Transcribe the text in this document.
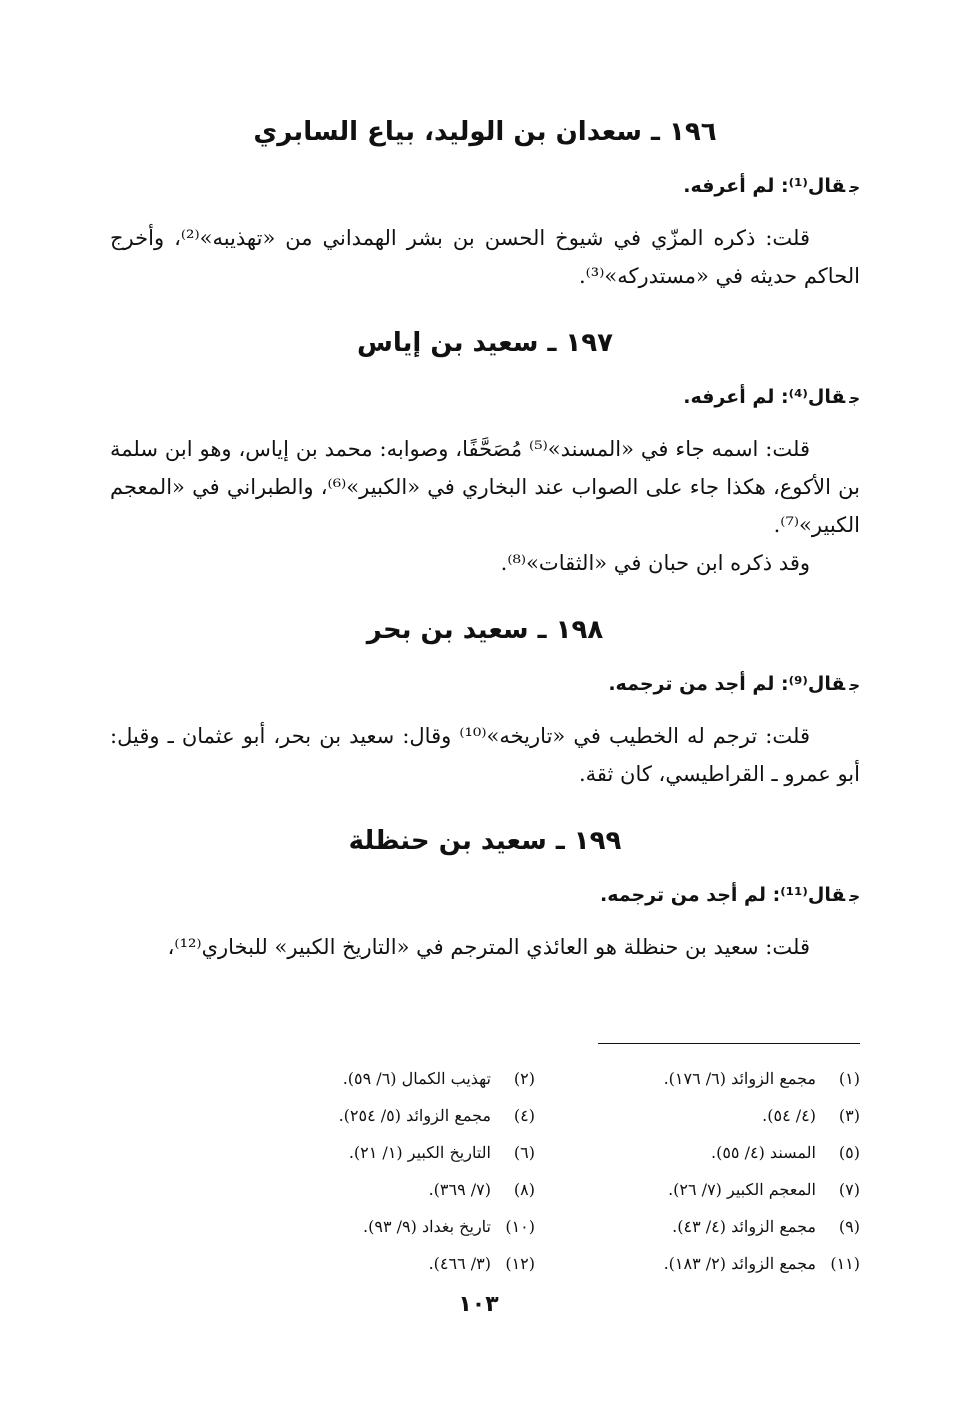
١٩٦ ـ سعدان بن الوليد، بياع السابري

جقال⁽¹⁾: لم أعرفه.

قلت: ذكره المزّي في شيوخ الحسن بن بشر الهمداني من «تهذيبه»⁽²⁾، وأخرج الحاكم حديثه في «مستدركه»⁽³⁾.

١٩٧ ـ سعيد بن إياس

جقال⁽⁴⁾: لم أعرفه.

قلت: اسمه جاء في «المسند»⁽⁵⁾ مُصَحَّفًا، وصوابه: محمد بن إياس، وهو ابن سلمة بن الأكوع، هكذا جاء على الصواب عند البخاري في «الكبير»⁽⁶⁾، والطبراني في «المعجم الكبير»⁽⁷⁾.

وقد ذكره ابن حبان في «الثقات»⁽⁸⁾.

١٩٨ ـ سعيد بن بحر

جقال⁽⁹⁾: لم أجد من ترجمه.

قلت: ترجم له الخطيب في «تاريخه»⁽¹⁰⁾ وقال: سعيد بن بحر، أبو عثمان ـ وقيل: أبو عمرو ـ القراطيسي، كان ثقة.

١٩٩ ـ سعيد بن حنظلة

جقال⁽¹¹⁾: لم أجد من ترجمه.

قلت: سعيد بن حنظلة هو العائذي المترجم في «التاريخ الكبير» للبخاري⁽¹²⁾،

(١)مجمع الزوائد (٦/ ١٧٦).
(٢)تهذيب الكمال (٦/ ٥٩).
(٣)(٤/ ٥٤).
(٤)مجمع الزوائد (٥/ ٢٥٤).
(٥)المسند (٤/ ٥٥).
(٦)التاريخ الكبير (١/ ٢١).
(٧)المعجم الكبير (٧/ ٢٦).
(٨)(٧/ ٣٦٩).
(٩)مجمع الزوائد (٤/ ٤٣).
(١٠)تاريخ بغداد (٩/ ٩٣).
(١١)مجمع الزوائد (٢/ ١٨٣).
(١٢)(٣/ ٤٦٦).
١٠٣
